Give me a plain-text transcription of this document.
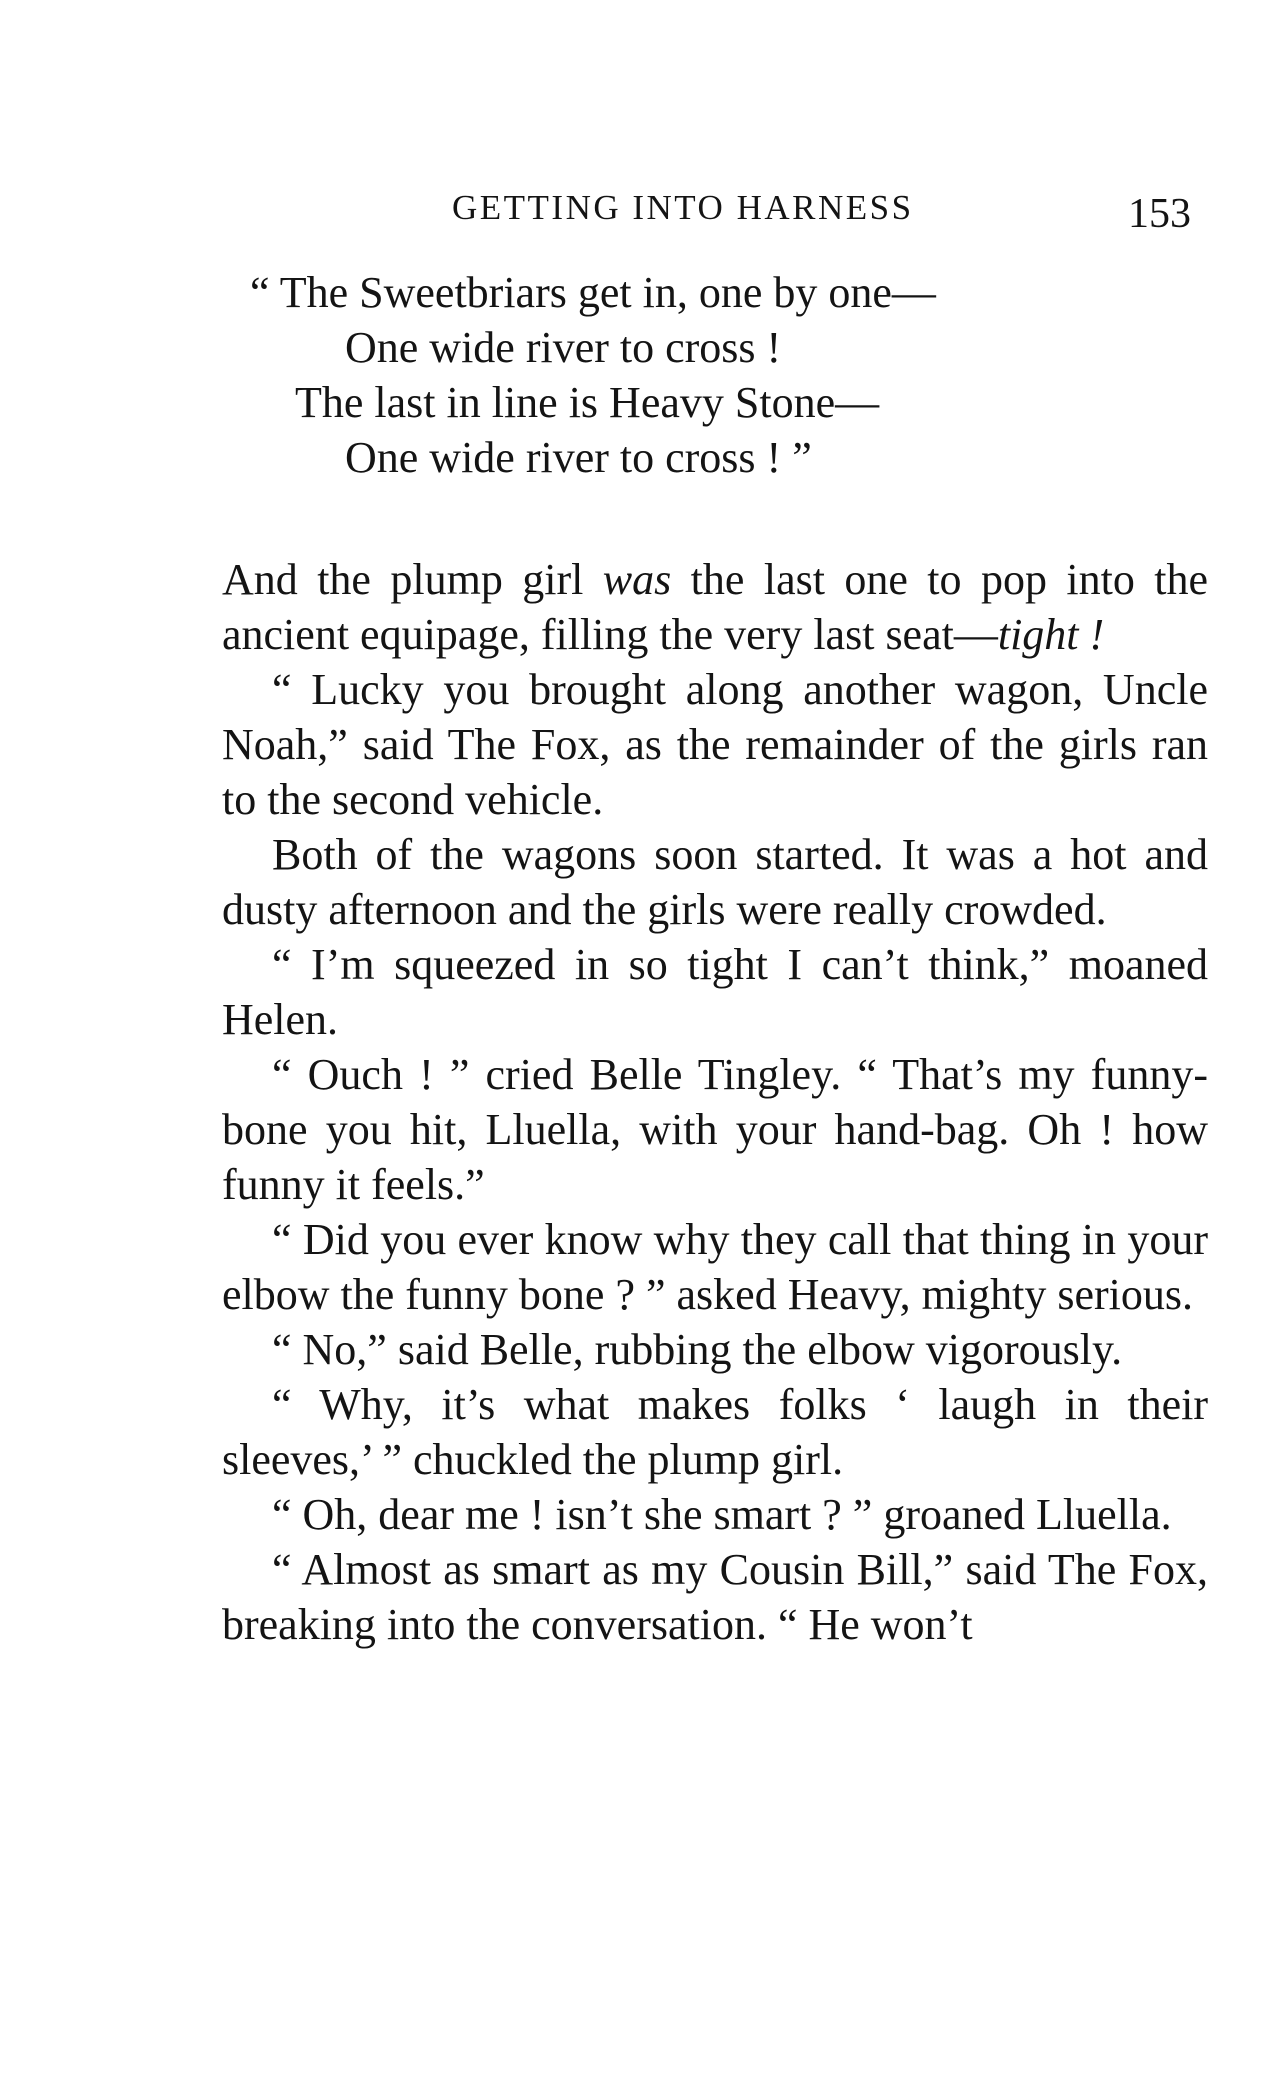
GETTING INTO HARNESS	153
“ The Sweetbriars get in, one by one—
One wide river to cross !
The last in line is Heavy Stone—
One wide river to cross ! ”

And the plump girl was the last one to pop into the ancient equipage, filling the very last seat—tight !

“ Lucky you brought along another wagon, Uncle Noah,” said The Fox, as the remainder of the girls ran to the second vehicle.

Both of the wagons soon started. It was a hot and dusty afternoon and the girls were really crowded.

“ I’m squeezed in so tight I can’t think,” moaned Helen.

“ Ouch ! ” cried Belle Tingley. “ That’s my funny-bone you hit, Lluella, with your hand-bag. Oh ! how funny it feels.”

“ Did you ever know why they call that thing in your elbow the funny bone ? ” asked Heavy, mighty serious.

“ No,” said Belle, rubbing the elbow vigorously.

“ Why, it’s what makes folks ‘ laugh in their sleeves,’ ” chuckled the plump girl.

“ Oh, dear me ! isn’t she smart ? ” groaned Lluella.

“ Almost as smart as my Cousin Bill,” said The Fox, breaking into the conversation. “ He won’t
